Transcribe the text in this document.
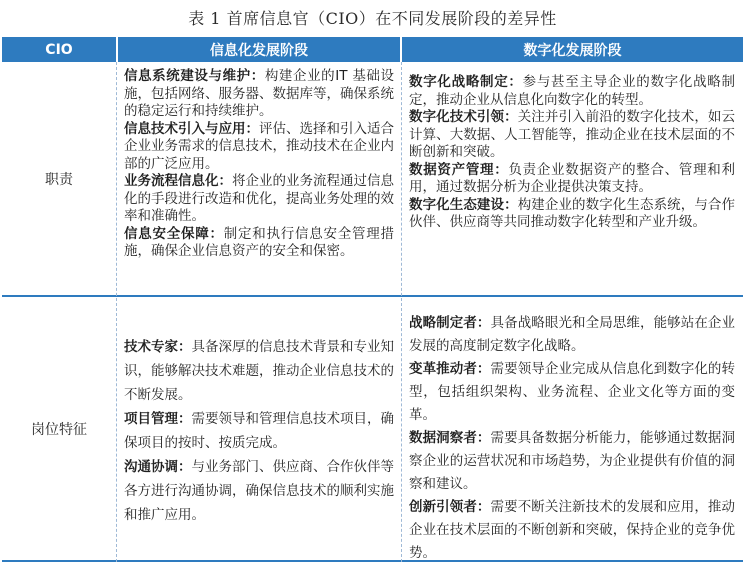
表 1 首席信息官（CIO）在不同发展阶段的差异性
CIO	信息化发展阶段	数字化发展阶段
职责

信息系统建设与维护：构建企业的IT 基础设施，包括网络、服务器、数据库等，确保系统的稳定运行和持续维护。

信息技术引入与应用：评估、选择和引入适合企业业务需求的信息技术，推动技术在企业内部的广泛应用。

业务流程信息化：将企业的业务流程通过信息化的手段进行改造和优化，提高业务处理的效率和准确性。

信息安全保障：制定和执行信息安全管理措施，确保企业信息资产的安全和保密。

数字化战略制定：参与甚至主导企业的数字化战略制定，推动企业从信息化向数字化的转型。

数字化技术引领：关注并引入前沿的数字化技术，如云计算、大数据、人工智能等，推动企业在技术层面的不断创新和突破。

数据资产管理：负责企业数据资产的整合、管理和利用，通过数据分析为企业提供决策支持。

数字化生态建设：构建企业的数字化生态系统，与合作伙伴、供应商等共同推动数字化转型和产业升级。

岗位特征

技术专家：具备深厚的信息技术背景和专业知识，能够解决技术难题，推动企业信息技术的不断发展。

项目管理：需要领导和管理信息技术项目，确保项目的按时、按质完成。

沟通协调：与业务部门、供应商、合作伙伴等各方进行沟通协调，确保信息技术的顺利实施和推广应用。

战略制定者：具备战略眼光和全局思维，能够站在企业发展的高度制定数字化战略。

变革推动者：需要领导企业完成从信息化到数字化的转型，包括组织架构、业务流程、企业文化等方面的变革。

数据洞察者：需要具备数据分析能力，能够通过数据洞察企业的运营状况和市场趋势，为企业提供有价值的洞察和建议。

创新引领者：需要不断关注新技术的发展和应用，推动企业在技术层面的不断创新和突破，保持企业的竞争优势。
